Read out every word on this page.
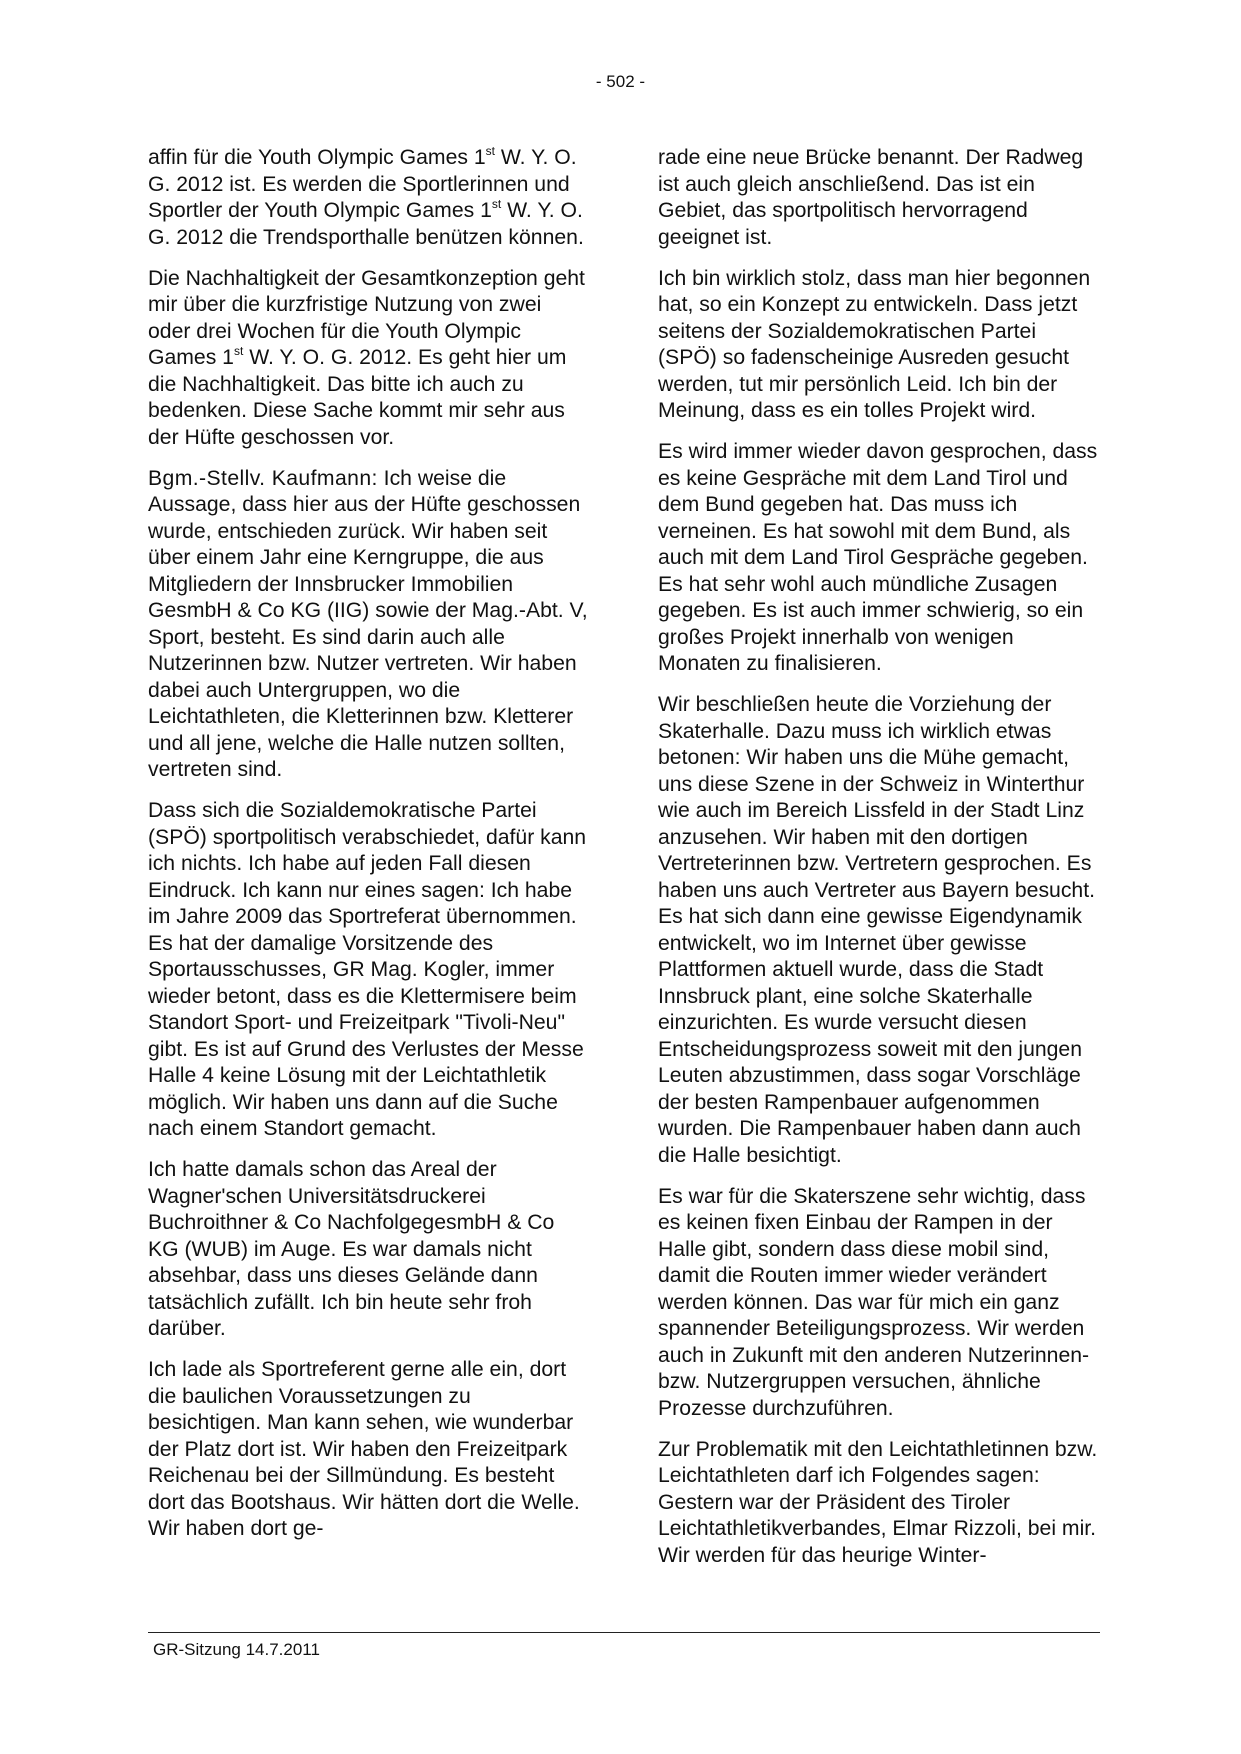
- 502 -

affin für die Youth Olympic Games 1st W. Y. O. G. 2012 ist. Es werden die Sportlerinnen und Sportler der Youth Olympic Games 1st W. Y. O. G. 2012 die Trendsporthalle benützen können.

Die Nachhaltigkeit der Gesamtkonzeption geht mir über die kurzfristige Nutzung von zwei oder drei Wochen für die Youth Olympic Games 1st W. Y. O. G. 2012. Es geht hier um die Nachhaltigkeit. Das bitte ich auch zu bedenken. Diese Sache kommt mir sehr aus der Hüfte geschossen vor.

Bgm.-Stellv. Kaufmann: Ich weise die Aussage, dass hier aus der Hüfte geschossen wurde, entschieden zurück. Wir haben seit über einem Jahr eine Kerngruppe, die aus Mitgliedern der Innsbrucker Immobilien GesmbH & Co KG (IIG) sowie der Mag.-Abt. V, Sport, besteht. Es sind darin auch alle Nutzerinnen bzw. Nutzer vertreten. Wir haben dabei auch Untergruppen, wo die Leichtathleten, die Kletterinnen bzw. Kletterer und all jene, welche die Halle nutzen sollten, vertreten sind.

Dass sich die Sozialdemokratische Partei (SPÖ) sportpolitisch verabschiedet, dafür kann ich nichts. Ich habe auf jeden Fall diesen Eindruck. Ich kann nur eines sagen: Ich habe im Jahre 2009 das Sportreferat übernommen. Es hat der damalige Vorsitzende des Sportausschusses, GR Mag. Kogler, immer wieder betont, dass es die Klettermisere beim Standort Sport- und Freizeitpark "Tivoli-Neu" gibt. Es ist auf Grund des Verlustes der Messe Halle 4 keine Lösung mit der Leichtathletik möglich. Wir haben uns dann auf die Suche nach einem Standort gemacht.

Ich hatte damals schon das Areal der Wagner'schen Universitätsdruckerei Buchroithner & Co NachfolgegesmbH & Co KG (WUB) im Auge. Es war damals nicht absehbar, dass uns dieses Gelände dann tatsächlich zufällt. Ich bin heute sehr froh darüber.

Ich lade als Sportreferent gerne alle ein, dort die baulichen Voraussetzungen zu besichtigen. Man kann sehen, wie wunderbar der Platz dort ist. Wir haben den Freizeitpark Reichenau bei der Sillmündung. Es besteht dort das Bootshaus. Wir hätten dort die Welle. Wir haben dort ge-

rade eine neue Brücke benannt. Der Radweg ist auch gleich anschließend. Das ist ein Gebiet, das sportpolitisch hervorragend geeignet ist.

Ich bin wirklich stolz, dass man hier begonnen hat, so ein Konzept zu entwickeln. Dass jetzt seitens der Sozialdemokratischen Partei (SPÖ) so fadenscheinige Ausreden gesucht werden, tut mir persönlich Leid. Ich bin der Meinung, dass es ein tolles Projekt wird.

Es wird immer wieder davon gesprochen, dass es keine Gespräche mit dem Land Tirol und dem Bund gegeben hat. Das muss ich verneinen. Es hat sowohl mit dem Bund, als auch mit dem Land Tirol Gespräche gegeben. Es hat sehr wohl auch mündliche Zusagen gegeben. Es ist auch immer schwierig, so ein großes Projekt innerhalb von wenigen Monaten zu finalisieren.

Wir beschließen heute die Vorziehung der Skaterhalle. Dazu muss ich wirklich etwas betonen: Wir haben uns die Mühe gemacht, uns diese Szene in der Schweiz in Winterthur wie auch im Bereich Lissfeld in der Stadt Linz anzusehen. Wir haben mit den dortigen Vertreterinnen bzw. Vertretern gesprochen. Es haben uns auch Vertreter aus Bayern besucht. Es hat sich dann eine gewisse Eigendynamik entwickelt, wo im Internet über gewisse Plattformen aktuell wurde, dass die Stadt Innsbruck plant, eine solche Skaterhalle einzurichten. Es wurde versucht diesen Entscheidungsprozess soweit mit den jungen Leuten abzustimmen, dass sogar Vorschläge der besten Rampenbauer aufgenommen wurden. Die Rampenbauer haben dann auch die Halle besichtigt.

Es war für die Skaterszene sehr wichtig, dass es keinen fixen Einbau der Rampen in der Halle gibt, sondern dass diese mobil sind, damit die Routen immer wieder verändert werden können. Das war für mich ein ganz spannender Beteiligungsprozess. Wir werden auch in Zukunft mit den anderen Nutzerinnen- bzw. Nutzergruppen versuchen, ähnliche Prozesse durchzuführen.

Zur Problematik mit den Leichtathletinnen bzw. Leichtathleten darf ich Folgendes sagen: Gestern war der Präsident des Tiroler Leichtathletikverbandes, Elmar Rizzoli, bei mir. Wir werden für das heurige Winter-

GR-Sitzung 14.7.2011
